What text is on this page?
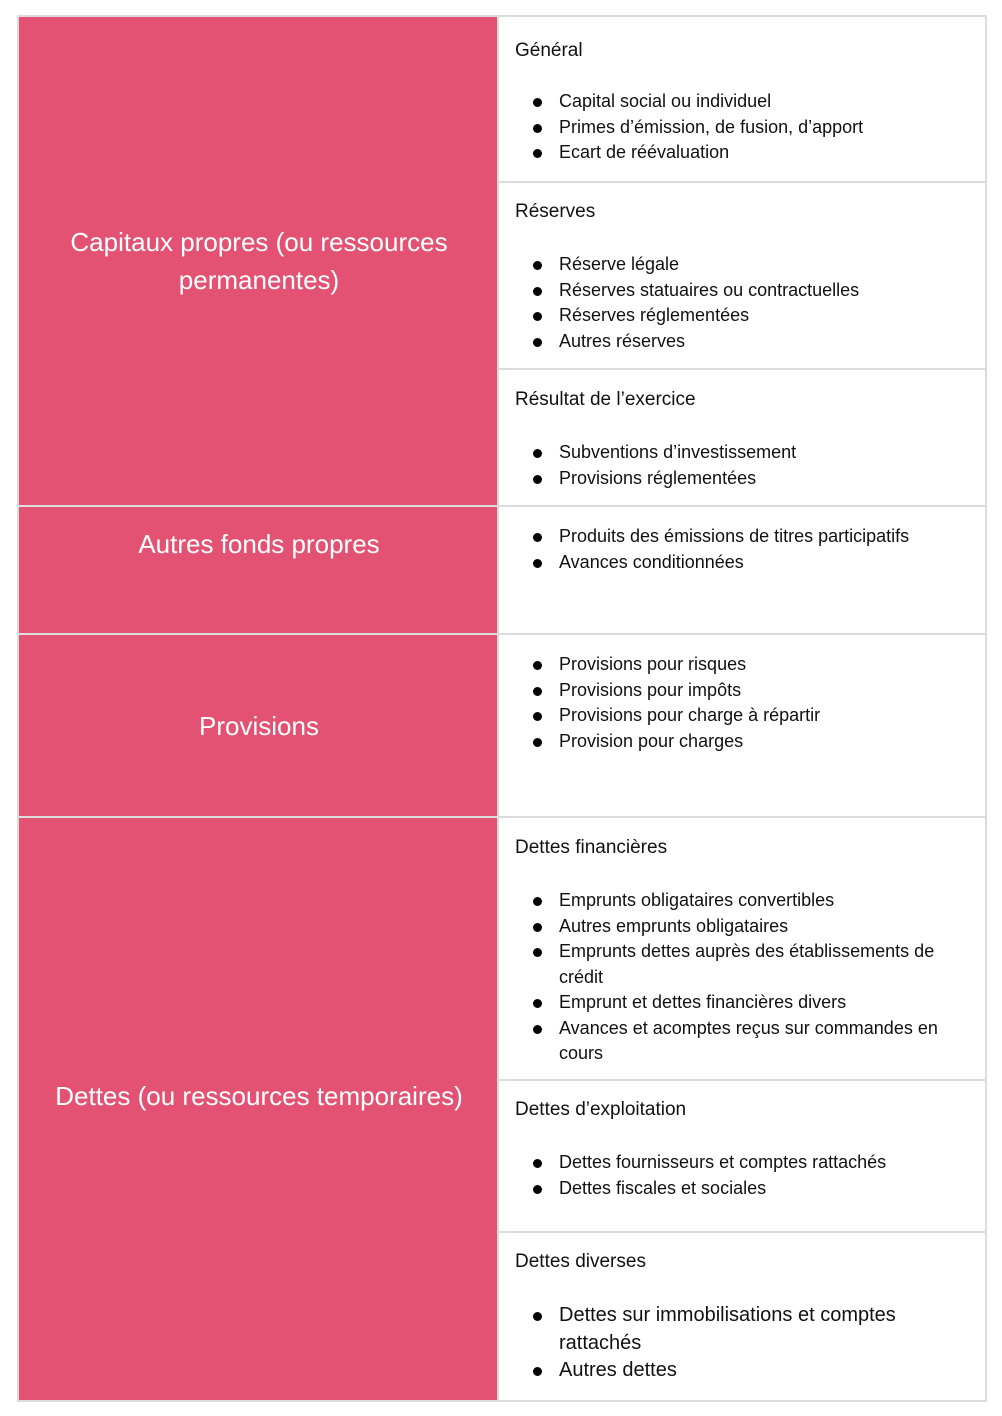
Capitaux propres (ou ressources permanentes)
Autres fonds propres
Provisions
Dettes (ou ressources temporaires)
Général
Capital social ou individuel
Primes d’émission, de fusion, d’apport
Ecart de réévaluation
Réserves
Réserve légale
Réserves statuaires ou contractuelles
Réserves réglementées
Autres réserves
Résultat de l’exercice
Subventions d’investissement
Provisions réglementées
Produits des émissions de titres participatifs
Avances conditionnées
Provisions pour risques
Provisions pour impôts
Provisions pour charge à répartir
Provision pour charges
Dettes financières
Emprunts obligataires convertibles
Autres emprunts obligataires
Emprunts dettes auprès des établissements de crédit
Emprunt et dettes financières divers
Avances et acomptes reçus sur commandes en cours
Dettes d’exploitation
Dettes fournisseurs et comptes rattachés
Dettes fiscales et sociales
Dettes diverses
Dettes sur immobilisations et comptes rattachés
Autres dettes
